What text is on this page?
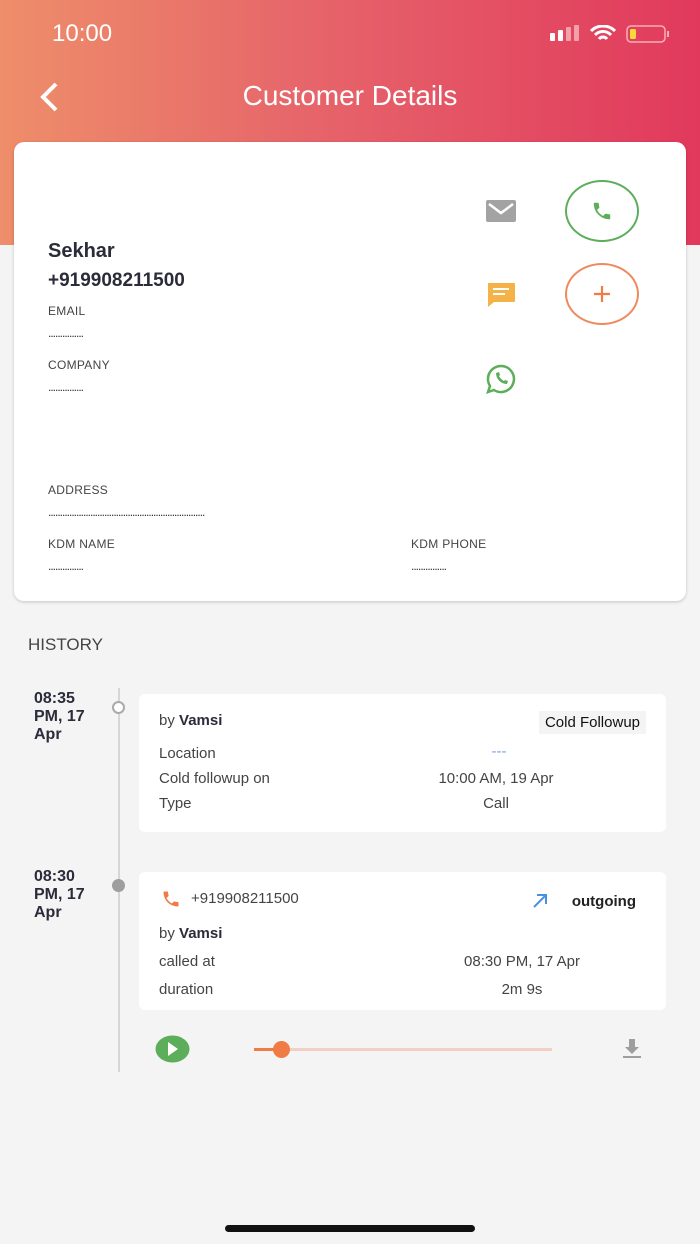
10:00
Customer Details
Sekhar
+919908211500
EMAIL
...............
COMPANY
...............
ADDRESS
...................................................................
KDM NAME
...............
KDM PHONE
...............
HISTORY
08:35 PM, 17 Apr
by Vamsi	Cold Followup
Location	---
Cold followup on	10:00 AM, 19 Apr
Type	Call
08:30 PM, 17 Apr
+919908211500	outgoing
by Vamsi
called at	08:30 PM, 17 Apr
duration	2m 9s
